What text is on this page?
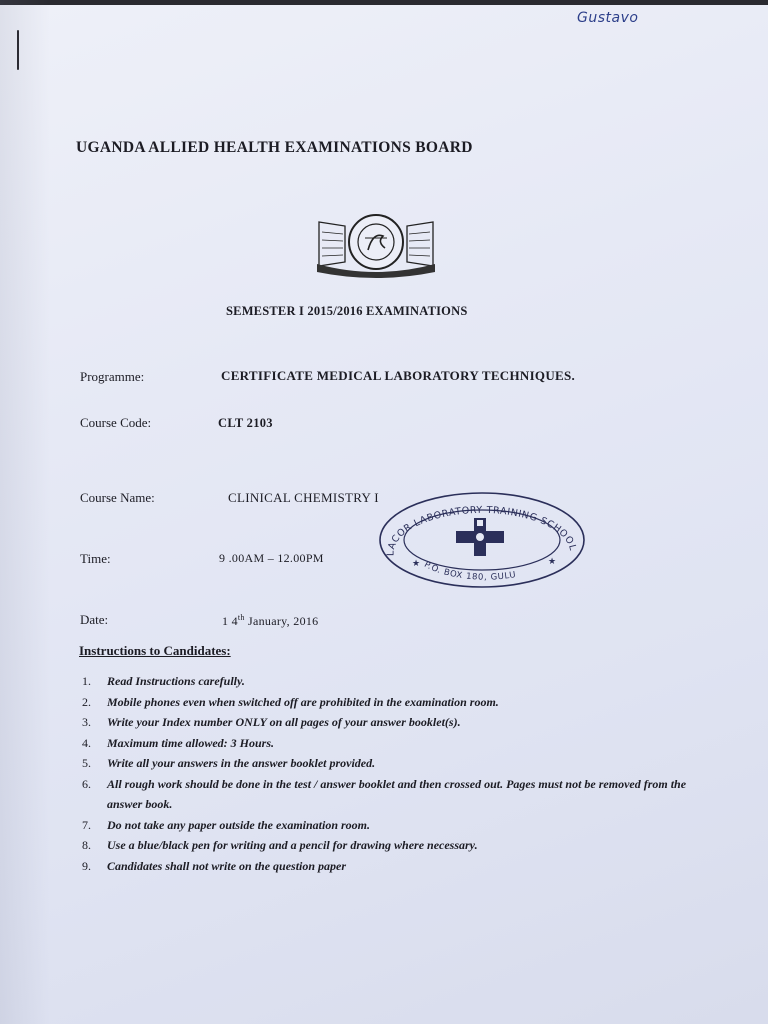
Gustavo
UGANDA ALLIED HEALTH EXAMINATIONS BOARD
SEMESTER I 2015/2016 EXAMINATIONS
Programme:	CERTIFICATE MEDICAL LABORATORY TECHNIQUES.
Course Code:	CLT 2103
Course Name:	CLINICAL CHEMISTRY I
Time:	9 .00AM – 12.00PM
Date:	1 4th January, 2016
LACOR LABORATORY TRAINING SCHOOL
P.O. BOX 180, GULU
★	★
Instructions to Candidates:
1. Read Instructions carefully.
2. Mobile phones even when switched off are prohibited in the examination room.
3. Write your Index number ONLY on all pages of your answer booklet(s).
4. Maximum time allowed: 3 Hours.
5. Write all your answers in the answer booklet provided.
6. All rough work should be done in the test / answer booklet and then crossed out. Pages must not be removed from the answer book.
7. Do not take any paper outside the examination room.
8. Use a blue/black pen for writing and a pencil for drawing where necessary.
9. Candidates shall not write on the question paper
